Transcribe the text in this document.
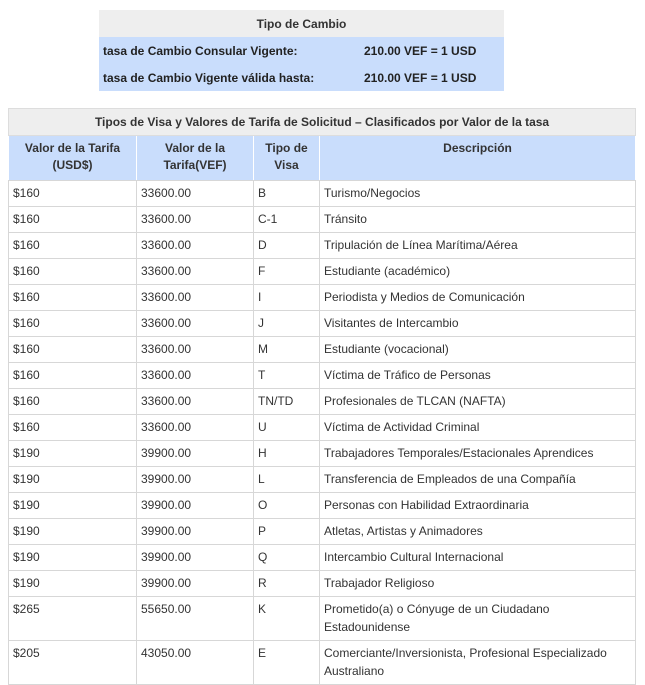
Tipo de Cambio	
tasa de Cambio Consular Vigente:	210.00 VEF = 1 USD
tasa de Cambio Vigente válida hasta:	210.00 VEF = 1 USD
Tipos de Visa y Valores de Tarifa de Solicitud – Clasificados por Valor de la tasa			
Valor de la Tarifa (USD$)	Valor de la Tarifa(VEF)	Tipo de Visa	Descripción
$160	33600.00	B	Turismo/Negocios
$160	33600.00	C-1	Tránsito
$160	33600.00	D	Tripulación de Línea Marítima/Aérea
$160	33600.00	F	Estudiante (académico)
$160	33600.00	I	Periodista y Medios de Comunicación
$160	33600.00	J	Visitantes de Intercambio
$160	33600.00	M	Estudiante (vocacional)
$160	33600.00	T	Víctima de Tráfico de Personas
$160	33600.00	TN/TD	Profesionales de TLCAN (NAFTA)
$160	33600.00	U	Víctima de Actividad Criminal
$190	39900.00	H	Trabajadores Temporales/Estacionales Aprendices
$190	39900.00	L	Transferencia de Empleados de una Compañía
$190	39900.00	O	Personas con Habilidad Extraordinaria
$190	39900.00	P	Atletas, Artistas y Animadores
$190	39900.00	Q	Intercambio Cultural Internacional
$190	39900.00	R	Trabajador Religioso
$265	55650.00	K	Prometido(a) o Cónyuge de un Ciudadano Estadounidense
$205	43050.00	E	Comerciante/Inversionista, Profesional Especializado Australiano
